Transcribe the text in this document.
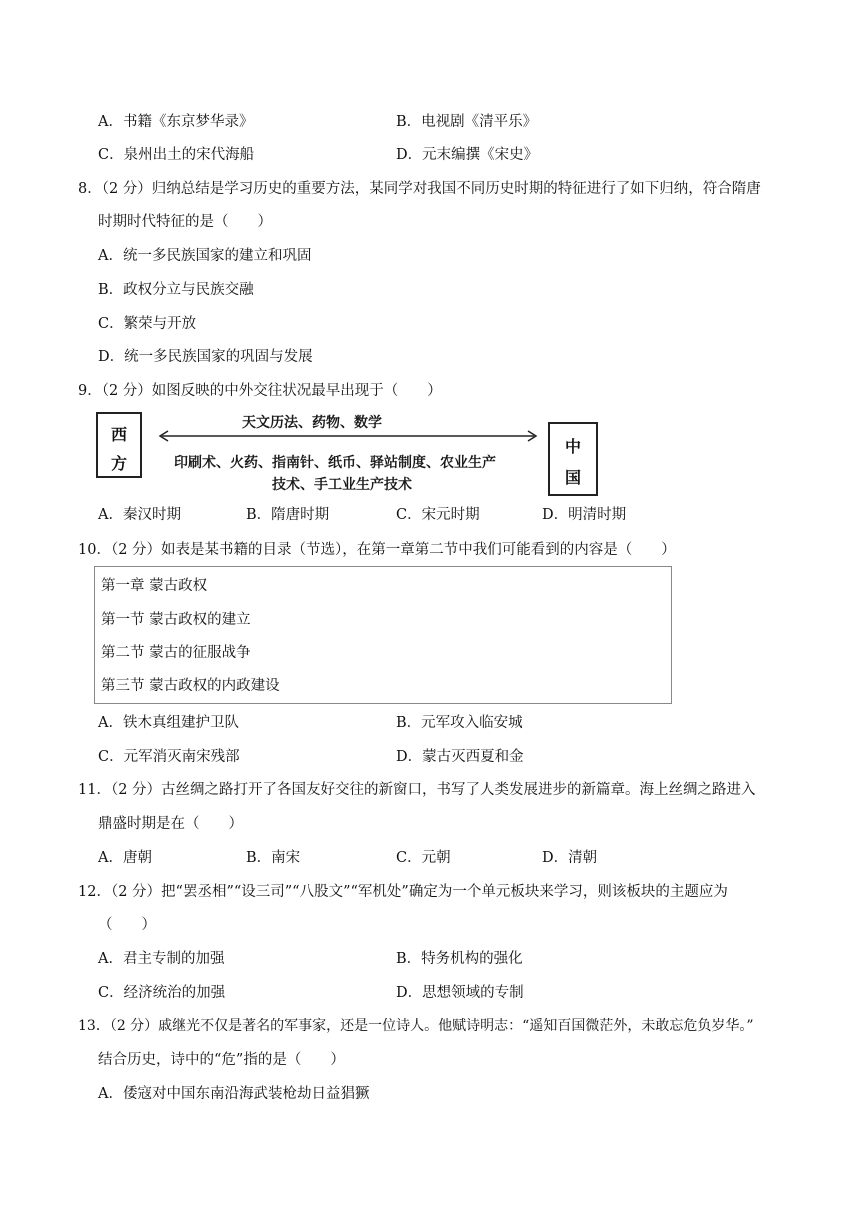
A．书籍《东京梦华录》	B．电视剧《清平乐》
C．泉州出土的宋代海船	D．元末编撰《宋史》
8．（2 分）归纳总结是学习历史的重要方法，某同学对我国不同历史时期的特征进行了如下归纳，符合隋唐
时期时代特征的是（　　）
A．统一多民族国家的建立和巩固
B．政权分立与民族交融
C．繁荣与开放
D．统一多民族国家的巩固与发展
9．（2 分）如图反映的中外交往状况最早出现于（　　）
西
方
中
国
天文历法、药物、数学
印刷术、火药、指南针、纸币、驿站制度、农业生产
技术、手工业生产技术
A．秦汉时期	B．隋唐时期	C．宋元时期	D．明清时期
10．（2 分）如表是某书籍的目录（节选），在第一章第二节中我们可能看到的内容是（　　）
第一章 蒙古政权
第一节 蒙古政权的建立
第二节 蒙古的征服战争
第三节 蒙古政权的内政建设
A．铁木真组建护卫队	B．元军攻入临安城
C．元军消灭南宋残部	D．蒙古灭西夏和金
11．（2 分）古丝绸之路打开了各国友好交往的新窗口，书写了人类发展进步的新篇章。海上丝绸之路进入
鼎盛时期是在（　　）
A．唐朝	B．南宋	C．元朝	D．清朝
12．（2 分）把“罢丞相”“设三司”“八股文”“军机处”确定为一个单元板块来学习，则该板块的主题应为
（　　）
A．君主专制的加强	B．特务机构的强化
C．经济统治的加强	D．思想领域的专制
13．（2 分）戚继光不仅是著名的军事家，还是一位诗人。他赋诗明志：“遥知百国微茫外，未敢忘危负岁华。”
结合历史，诗中的“危”指的是（　　）
A．倭寇对中国东南沿海武装枪劫日益猖獗
